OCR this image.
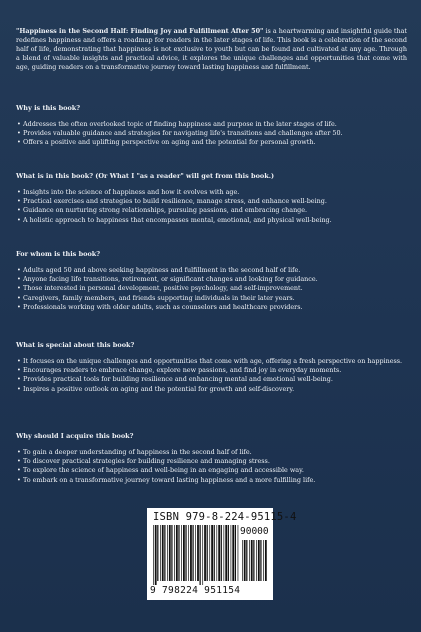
"Happiness in the Second Half: Finding Joy and Fulfillment After 50" is a heartwarming and insightful guide that redefines happiness and offers a roadmap for readers in the later stages of life. This book is a celebration of the second half of life, demonstrating that happiness is not exclusive to youth but can be found and cultivated at any age. Through a blend of valuable insights and practical advice, it explores the unique challenges and opportunities that come with age, guiding readers on a transformative journey toward lasting happiness and fulfillment.

Why is this book?
• Addresses the often overlooked topic of finding happiness and purpose in the later stages of life.
• Provides valuable guidance and strategies for navigating life's transitions and challenges after 50.
• Offers a positive and uplifting perspective on aging and the potential for personal growth.
What is in this book? (Or What I "as a reader" will get from this book.)
• Insights into the science of happiness and how it evolves with age.
• Practical exercises and strategies to build resilience, manage stress, and enhance well-being.
• Guidance on nurturing strong relationships, pursuing passions, and embracing change.
• A holistic approach to happiness that encompasses mental, emotional, and physical well-being.
For whom is this book?
• Adults aged 50 and above seeking happiness and fulfillment in the second half of life.
• Anyone facing life transitions, retirement, or significant changes and looking for guidance.
• Those interested in personal development, positive psychology, and self-improvement.
• Caregivers, family members, and friends supporting individuals in their later years.
• Professionals working with older adults, such as counselors and healthcare providers.
What is special about this book?
• It focuses on the unique challenges and opportunities that come with age, offering a fresh perspective on happiness.
• Encourages readers to embrace change, explore new passions, and find joy in everyday moments.
• Provides practical tools for building resilience and enhancing mental and emotional well-being.
• Inspires a positive outlook on aging and the potential for growth and self-discovery.
Why should I acquire this book?
• To gain a deeper understanding of happiness in the second half of life.
• To discover practical strategies for building resilience and managing stress.
• To explore the science of happiness and well-being in an engaging and accessible way.
• To embark on a transformative journey toward lasting happiness and a more fulfilling life.
ISBN 979-8-224-95115-4
90000
9 798224 951154
